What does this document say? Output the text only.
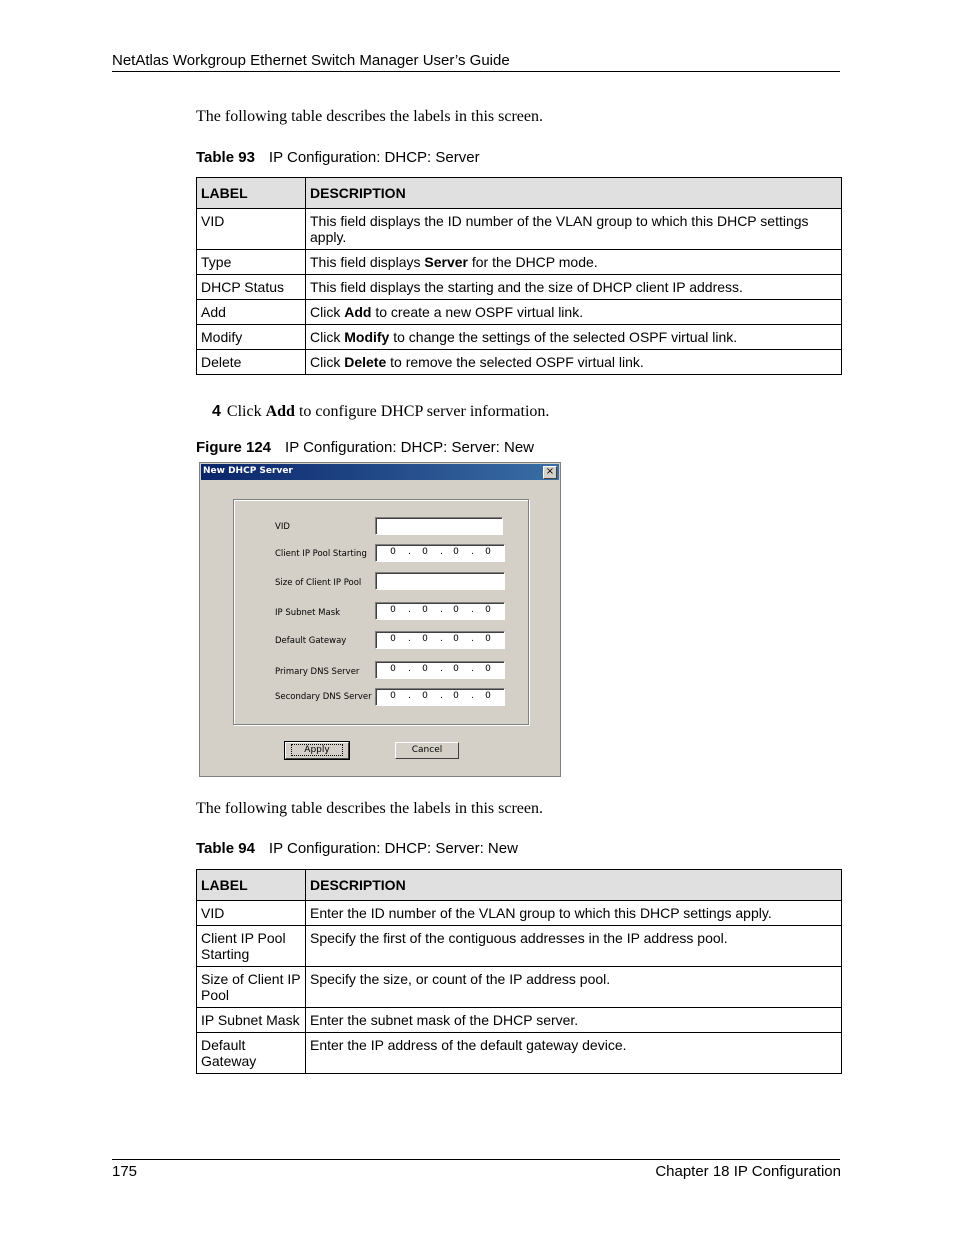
NetAtlas Workgroup Ethernet Switch Manager User’s Guide
The following table describes the labels in this screen.
Table 93 IP Configuration: DHCP: Server
LABEL	DESCRIPTION
VID	This field displays the ID number of the VLAN group to which this DHCP settings apply.
Type	This field displays Server for the DHCP mode.
DHCP Status	This field displays the starting and the size of DHCP client IP address.
Add	Click Add to create a new OSPF virtual link.
Modify	Click Modify to change the settings of the selected OSPF virtual link.
Delete	Click Delete to remove the selected OSPF virtual link.
4 Click Add to configure DHCP server information.
Figure 124 IP Configuration: DHCP: Server: New
New DHCP Server	×
VID
Client IP Pool Starting	0 . 0 . 0 . 0
Size of Client IP Pool
IP Subnet Mask	0 . 0 . 0 . 0
Default Gateway	0 . 0 . 0 . 0
Primary DNS Server	0 . 0 . 0 . 0
Secondary DNS Server 0 . 0 . 0 . 0
Apply	Cancel
The following table describes the labels in this screen.
Table 94 IP Configuration: DHCP: Server: New
LABEL	DESCRIPTION
VID	Enter the ID number of the VLAN group to which this DHCP settings apply.
Client IP Pool Starting	Specify the first of the contiguous addresses in the IP address pool.
Size of Client IP Pool	Specify the size, or count of the IP address pool.
IP Subnet Mask	Enter the subnet mask of the DHCP server.
Default Gateway	Enter the IP address of the default gateway device.
175	Chapter 18 IP Configuration
